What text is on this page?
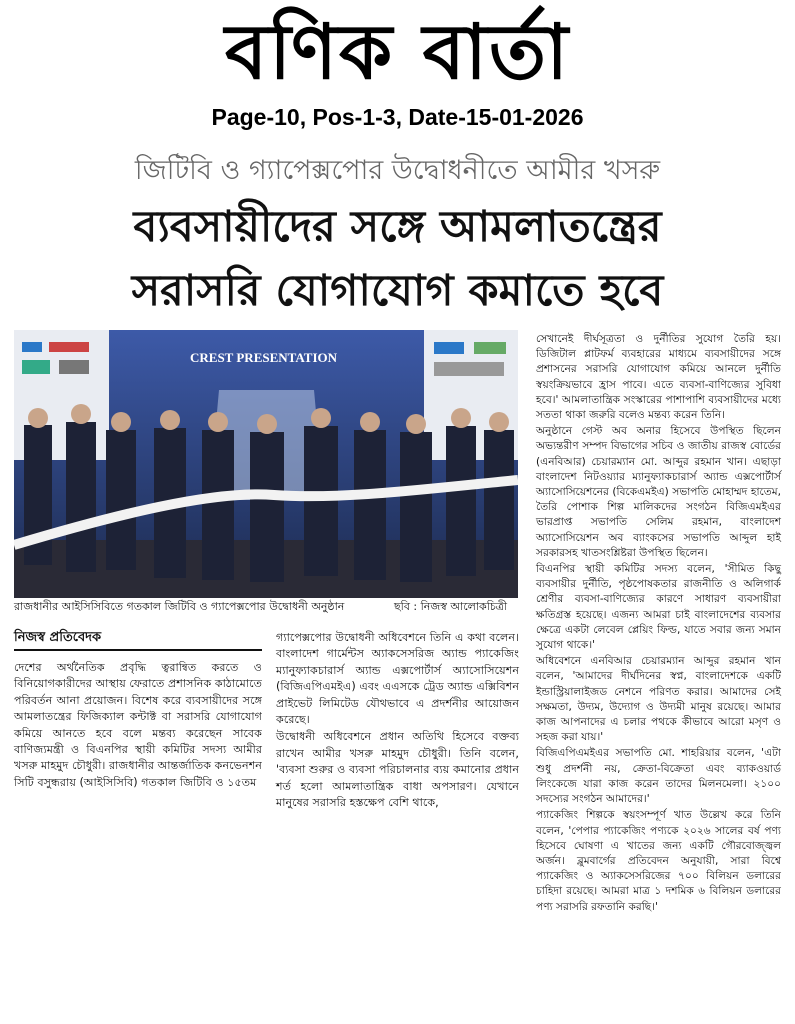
বণিক বার্তা
Page-10, Pos-1-3, Date-15-01-2026
জিটিবি ও গ্যাপেক্সপোর উদ্বোধনীতে আমীর খসরু
ব্যবসায়ীদের সঙ্গে আমলাতন্ত্রের
সরাসরি যোগাযোগ কমাতে হবে
CREST PRESENTATION
রাজধানীর আইসিসিবিতে গতকাল জিটিবি ও গ্যাপেক্সপোর উদ্বোধনী অনুষ্ঠান	ছবি : নিজস্ব আলোকচিত্রী
নিজস্ব প্রতিবেদক

দেশের অর্থনৈতিক প্রবৃদ্ধি ত্বরান্বিত করতে ও বিনিয়োগকারীদের আস্থায় ফেরাতে প্রশাসনিক কাঠামোতে পরিবর্তন আনা প্রয়োজন। বিশেষ করে ব্যবসায়ীদের সঙ্গে আমলাতন্ত্রের ফিজিক্যাল কন্টাক্ট বা সরাসরি যোগাযোগ কমিয়ে আনতে হবে বলে মন্তব্য করেছেন সাবেক বাণিজ্যমন্ত্রী ও বিএনপির স্থায়ী কমিটির সদস্য আমীর খসরু মাহমুদ চৌধুরী। রাজধানীর আন্তর্জাতিক কনভেনশন সিটি বসুন্ধরায় (আইসিসিবি) গতকাল জিটিবি ও ১৫তম

গ্যাপেক্সপোর উদ্বোধনী অধিবেশনে তিনি এ কথা বলেন। বাংলাদেশ গার্মেন্টস অ্যাকসেসরিজ অ্যান্ড প্যাকেজিং ম্যানুফ্যাকচারার্স অ্যান্ড এক্সপোর্টার্স অ্যাসোসিয়েশন (বিজিএপিএমইএ) এবং এএসকে ট্রেড অ্যান্ড এক্সিবিশন প্রাইভেট লিমিটেড যৌথভাবে এ প্রদর্শনীর আয়োজন করেছে।

উদ্বোধনী অধিবেশনে প্রধান অতিথি হিসেবে বক্তব্য রাখেন আমীর খসরু মাহমুদ চৌধুরী। তিনি বলেন, 'ব্যবসা শুরুর ও ব্যবসা পরিচালনার ব্যয় কমানোর প্রধান শর্ত হলো আমলাতান্ত্রিক বাধা অপসারণ। যেখানে মানুষের সরাসরি হস্তক্ষেপ বেশি থাকে,

সেখানেই দীর্ঘসূত্রতা ও দুর্নীতির সুযোগ তৈরি হয়। ডিজিটাল প্লাটফর্ম ব্যবহারের মাধ্যমে ব্যবসায়ীদের সঙ্গে প্রশাসনের সরাসরি যোগাযোগ কমিয়ে আনলে দুর্নীতি স্বয়ংক্রিয়ভাবে হ্রাস পাবে। এতে ব্যবসা-বাণিজ্যের সুবিধা হবে।' আমলাতান্ত্রিক সংস্কারের পাশাপাশি ব্যবসায়ীদের মধ্যে সততা থাকা জরুরি বলেও মন্তব্য করেন তিনি।

অনুষ্ঠানে গেস্ট অব অনার হিসেবে উপস্থিত ছিলেন অভ্যন্তরীণ সম্পদ বিভাগের সচিব ও জাতীয় রাজস্ব বোর্ডের (এনবিআর) চেয়ারম্যান মো. আব্দুর রহমান খান। এছাড়া বাংলাদেশ নিটওয়্যার ম্যানুফ্যাকচারার্স অ্যান্ড এক্সপোর্টার্স অ্যাসোসিয়েশনের (বিকেএমইএ) সভাপতি মোহাম্মদ হাতেম, তৈরি পোশাক শিল্প মালিকদের সংগঠন বিজিএমইএর ভারপ্রাপ্ত সভাপতি সেলিম রহমান, বাংলাদেশ অ্যাসোসিয়েশন অব ব্যাংকসের সভাপতি আব্দুল হাই সরকারসহ খাতসংশ্লিষ্টরা উপস্থিত ছিলেন।

বিএনপির স্থায়ী কমিটির সদস্য বলেন, 'সীমিত কিছু ব্যবসায়ীর দুর্নীতি, পৃষ্ঠপোষকতার রাজনীতি ও অলিগার্ক শ্রেণীর ব্যবসা-বাণিজ্যের কারণে সাধারণ ব্যবসায়ীরা ক্ষতিগ্রস্ত হয়েছে। এজন্য আমরা চাই বাংলাদেশের ব্যবসার ক্ষেত্রে একটা লেবেল প্লেয়িং ফিল্ড, যাতে সবার জন্য সমান সুযোগ থাকে।'

অধিবেশনে এনবিআর চেয়ারম্যান আব্দুর রহমান খান বলেন, 'আমাদের দীর্ঘদিনের স্বপ্ন, বাংলাদেশকে একটি ইন্ডাস্ট্রিয়ালাইজড নেশনে পরিণত করার। আমাদের সেই সক্ষমতা, উদ্যম, উদ্যোগ ও উদ্যমী মানুষ রয়েছে। আমার কাজ আপনাদের এ চলার পথকে কীভাবে আরো মসৃণ ও সহজ করা যায়।'

বিজিএপিএমইএর সভাপতি মো. শাহরিয়ার বলেন, 'এটা শুধু প্রদর্শনী নয়, ক্রেতা-বিক্রেতা এবং ব্যাকওয়ার্ড লিংকেজে যারা কাজ করেন তাদের মিলনমেলা। ২১০০ সদস্যের সংগঠন আমাদের।'

প্যাকেজিং শিল্পকে স্বয়ংসম্পূর্ণ খাত উল্লেখ করে তিনি বলেন, 'পেপার প্যাকেজিং পণ্যকে ২০২৬ সালের বর্ষ পণ্য হিসেবে ঘোষণা এ খাতের জন্য একটি গৌরবোজ্জ্বল অর্জন। ব্লুমবার্গের প্রতিবেদন অনুযায়ী, সারা বিশ্বে প্যাকেজিং ও অ্যাকসেসরিজের ৭০০ বিলিয়ন ডলারের চাহিদা রয়েছে। আমরা মাত্র ১ দশমিক ৬ বিলিয়ন ডলারের পণ্য সরাসরি রফতানি করছি।'
